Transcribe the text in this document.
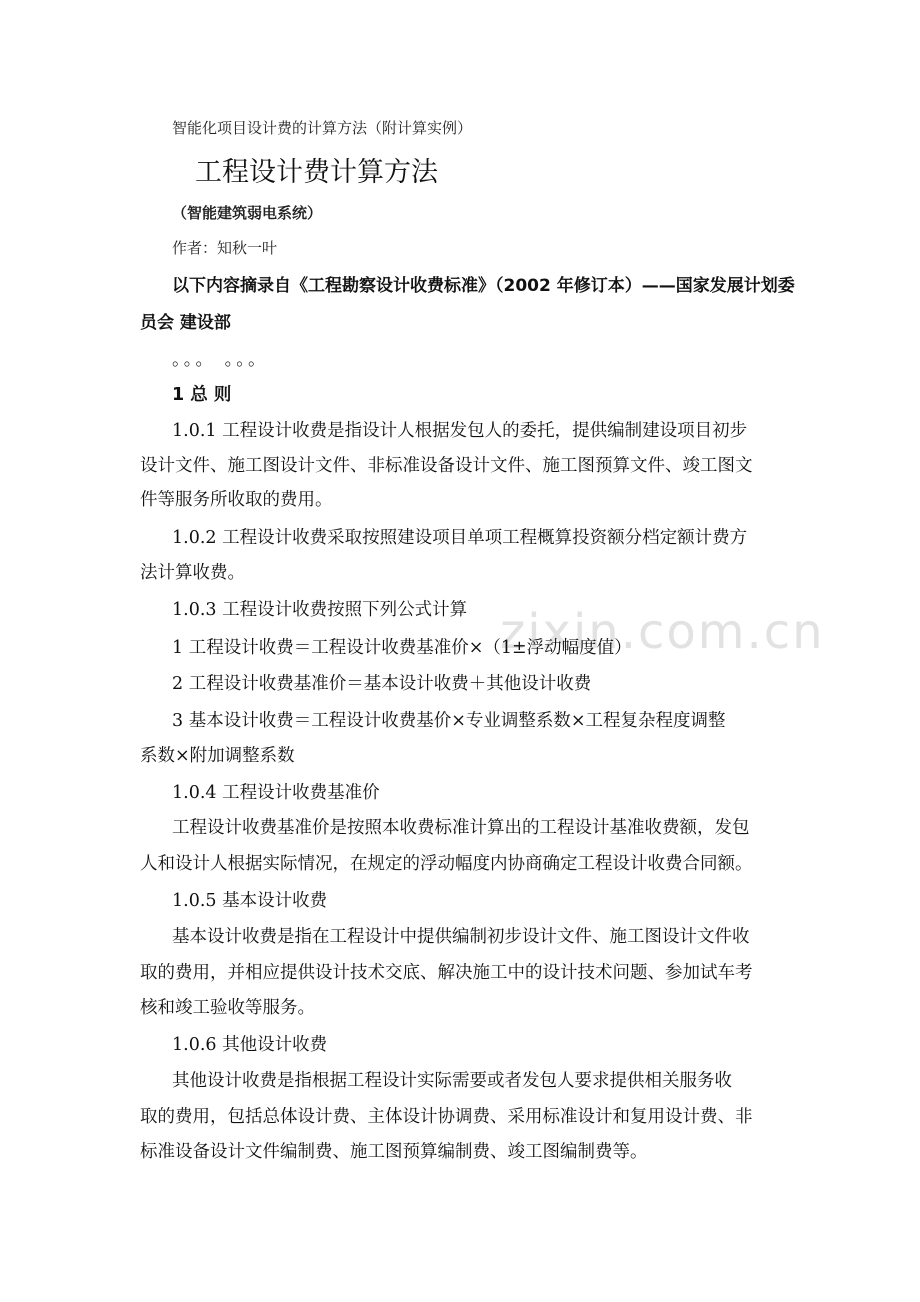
zixin.com.cn
智能化项目设计费的计算方法（附计算实例）
工程设计费计算方法
（智能建筑弱电系统）
作者：知秋一叶
以下内容摘录自《工程勘察设计收费标准》（2002 年修订本）——国家发展计划委
员会 建设部
。。。 。。。
1 总 则
1.0.1 工程设计收费是指设计人根据发包人的委托，提供编制建设项目初步
设计文件、施工图设计文件、非标准设备设计文件、施工图预算文件、竣工图文
件等服务所收取的费用。
1.0.2 工程设计收费采取按照建设项目单项工程概算投资额分档定额计费方
法计算收费。
1.0.3 工程设计收费按照下列公式计算
1 工程设计收费＝工程设计收费基准价×（1±浮动幅度值）
2 工程设计收费基准价＝基本设计收费＋其他设计收费
3 基本设计收费＝工程设计收费基价×专业调整系数×工程复杂程度调整
系数×附加调整系数
1.0.4 工程设计收费基准价
工程设计收费基准价是按照本收费标准计算出的工程设计基准收费额，发包
人和设计人根据实际情况，在规定的浮动幅度内协商确定工程设计收费合同额。
1.0.5 基本设计收费
基本设计收费是指在工程设计中提供编制初步设计文件、施工图设计文件收
取的费用，并相应提供设计技术交底、解决施工中的设计技术问题、参加试车考
核和竣工验收等服务。
1.0.6 其他设计收费
其他设计收费是指根据工程设计实际需要或者发包人要求提供相关服务收
取的费用，包括总体设计费、主体设计协调费、采用标准设计和复用设计费、非
标准设备设计文件编制费、施工图预算编制费、竣工图编制费等。
